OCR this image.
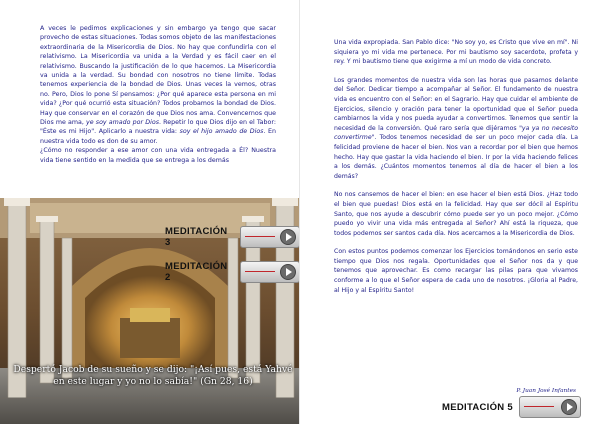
A veces le pedimos explicaciones y sin embargo ya tengo que sacar provecho de estas situaciones. Todas somos objeto de las manifestaciones extraordinaria de la Misericordia de Dios. No hay que confundirla con el relativismo. La Misericordia va unida a la Verdad y es fácil caer en el relativismo. Buscando la justificación de lo que hacemos. La Misericordia va unida a la verdad. Su bondad con nosotros no tiene límite. Todas tenemos experiencia de la bondad de Dios. Unas veces la vemos, otras no. Pero, Dios lo pone Sí pensamos: ¿Por qué aparece esta persona en mi vida? ¿Por qué ocurrió esta situación? Todos probamos la bondad de Dios. Hay que conservar en el corazón de que Dios nos ama. Convencernos que Dios me ama, ye soy amado por Dios. Repetir lo que Dios dijo en el Tabor: "Éste es mi Hijo". Aplicarlo a nuestra vida: soy el hijo amado de Dios. En nuestra vida todo es don de su amor.

¿Cómo no responder a ese amor con una vida entregada a Él? Nuestra vida tiene sentido en la medida que se entrega a los demás

Despertó Jacob de su sueño y se dijo: "¡Así pues, está Yahvé en este lugar y yo no lo sabía!" (Gn 28, 16)
MEDITACIÓN 3
MEDITACIÓN 2

Una vida expropiada. San Pablo dice: "No soy yo, es Cristo que vive en mí". Ni siquiera yo mi vida me pertenece. Por mi bautismo soy sacerdote, profeta y rey. Y mi bautismo tiene que exigirme a mí un modo de vida concreto.

Los grandes momentos de nuestra vida son las horas que pasamos delante del Señor. Dedicar tiempo a acompañar al Señor. El fundamento de nuestra vida es encuentro con el Señor: en el Sagrario. Hay que cuidar el ambiente de Ejercicios, silencio y oración para tener la oportunidad que el Señor pueda cambiarnos la vida y nos pueda ayudar a convertirnos. Tenemos que sentir la necesidad de la conversión. Qué raro sería que dijéramos "ya ya no necesito convertirme". Todos tenemos necesidad de ser un poco mejor cada día. La felicidad proviene de hacer el bien. Nos van a recordar por el bien que hemos hecho. Hay que gastar la vida haciendo el bien. Ir por la vida haciendo felices a los demás. ¿Cuántos momentos tenemos al día de hacer el bien a los demás?

No nos cansemos de hacer el bien: en ese hacer el bien está Dios. ¿Haz todo el bien que puedas! Dios está en la felicidad. Hay que ser dócil al Espíritu Santo, que nos ayude a descubrir cómo puede ser yo un poco mejor. ¿Cómo puedo yo vivir una vida más entregada al Señor? Ahí está la riqueza, que todos podemos ser santos cada día. Nos acercamos a la Misericordia de Dios.

Con estos puntos podemos comenzar los Ejercicios tomándonos en serio este tiempo que Dios nos regala. Oportunidades que el Señor nos da y que tenemos que aprovechar. Es como recargar las pilas para que vivamos conforme a lo que el Señor espera de cada uno de nosotros. ¡Gloria al Padre, al Hijo y al Espíritu Santo!

P. Juan José Infantes
MEDITACIÓN 5
